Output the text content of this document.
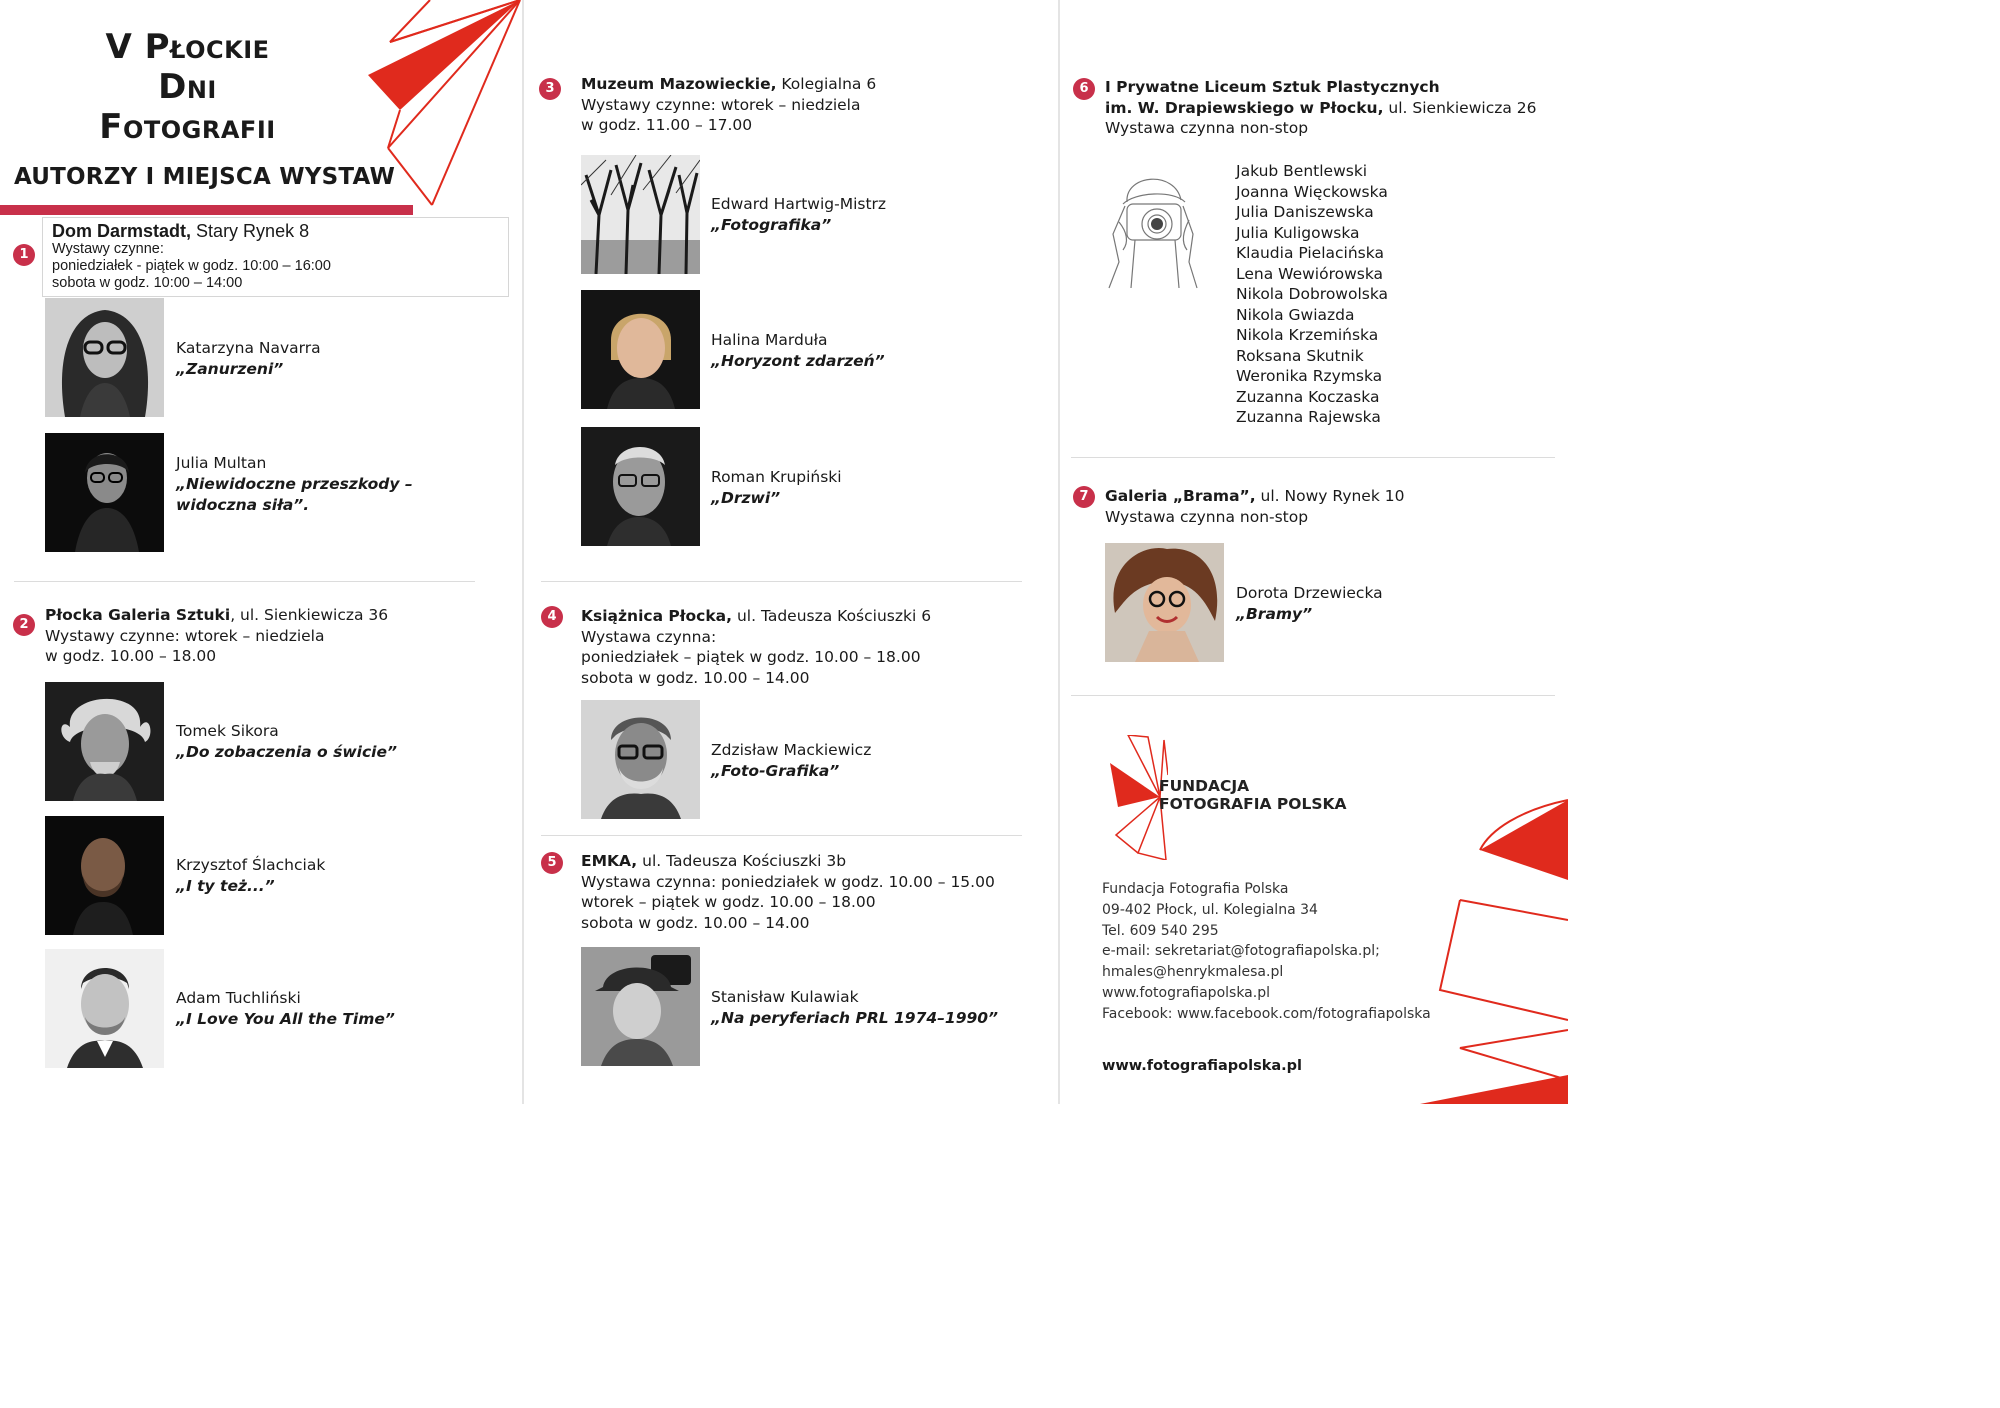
V Płockie
Dni
Fotografii
AUTORZY I MIEJSCA WYSTAW
1
Dom Darmstadt, Stary Rynek 8
Wystawy czynne:
poniedziałek - piątek w godz. 10:00 – 16:00
sobota w godz. 10:00 – 14:00
Katarzyna Navarra
„Zanurzeni”
Julia Multan
„Niewidoczne przeszkody – widoczna siła”.
2
Płocka Galeria Sztuki, ul. Sienkiewicza 36
Wystawy czynne: wtorek – niedziela
w godz. 10.00 – 18.00
Tomek Sikora
„Do zobaczenia o świcie”
Krzysztof Ślachciak
„I ty też...”
Adam Tuchliński
„I Love You All the Time”
3	Muzeum Mazowieckie, Kolegialna 6
Wystawy czynne: wtorek – niedziela
w godz. 11.00 – 17.00
Edward Hartwig-Mistrz
„Fotografika”
Halina Marduła
„Horyzont zdarzeń”
Roman Krupiński
„Drzwi”
4	Książnica Płocka, ul. Tadeusza Kościuszki 6
Wystawa czynna:
poniedziałek – piątek w godz. 10.00 – 18.00
sobota w godz. 10.00 – 14.00
Zdzisław Mackiewicz
„Foto-Grafika”
5	EMKA, ul. Tadeusza Kościuszki 3b
Wystawa czynna: poniedziałek w godz. 10.00 – 15.00
wtorek – piątek w godz. 10.00 – 18.00
sobota w godz. 10.00 – 14.00
Stanisław Kulawiak
„Na peryferiach PRL 1974–1990”
6	I Prywatne Liceum Sztuk Plastycznych
im. W. Drapiewskiego w Płocku, ul. Sienkiewicza 26
Wystawa czynna non-stop
Jakub Bentlewski
Joanna Więckowska
Julia Daniszewska
Julia Kuligowska
Klaudia Pielacińska
Lena Wewiórowska
Nikola Dobrowolska
Nikola Gwiazda
Nikola Krzemińska
Roksana Skutnik
Weronika Rzymska
Zuzanna Koczaska
Zuzanna Rajewska
7	Galeria „Brama”, ul. Nowy Rynek 10
Wystawa czynna non-stop
Dorota Drzewiecka
„Bramy”
FUNDACJA
FOTOGRAFIA POLSKA
Fundacja Fotografia Polska
09-402 Płock, ul. Kolegialna 34
Tel. 609 540 295
e-mail: sekretariat@fotografiapolska.pl;
hmales@henrykmalesa.pl
www.fotografiapolska.pl
Facebook: www.facebook.com/fotografiapolska
www.fotografiapolska.pl
